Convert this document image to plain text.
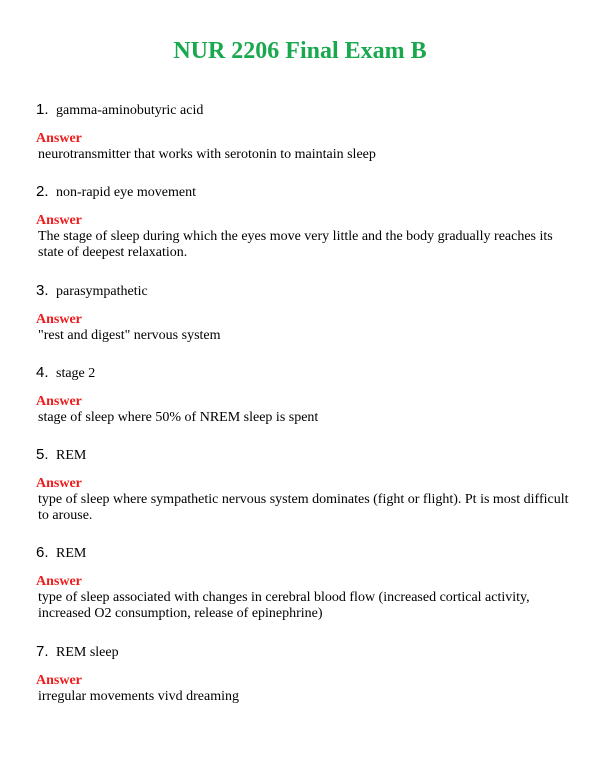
NUR 2206 Final Exam B
1. gamma-aminobutyric acid
Answer
neurotransmitter that works with serotonin to maintain sleep
2. non-rapid eye movement
Answer
The stage of sleep during which the eyes move very little and the body gradually reaches its state of deepest relaxation.
3. parasympathetic
Answer
"rest and digest" nervous system
4. stage 2
Answer
stage of sleep where 50% of NREM sleep is spent
5. REM
Answer
type of sleep where sympathetic nervous system dominates (fight or flight). Pt is most difficult to arouse.
6. REM
Answer
type of sleep associated with changes in cerebral blood flow (increased cortical activity, increased O2 consumption, release of epinephrine)
7. REM sleep
Answer
irregular movements vivd dreaming
